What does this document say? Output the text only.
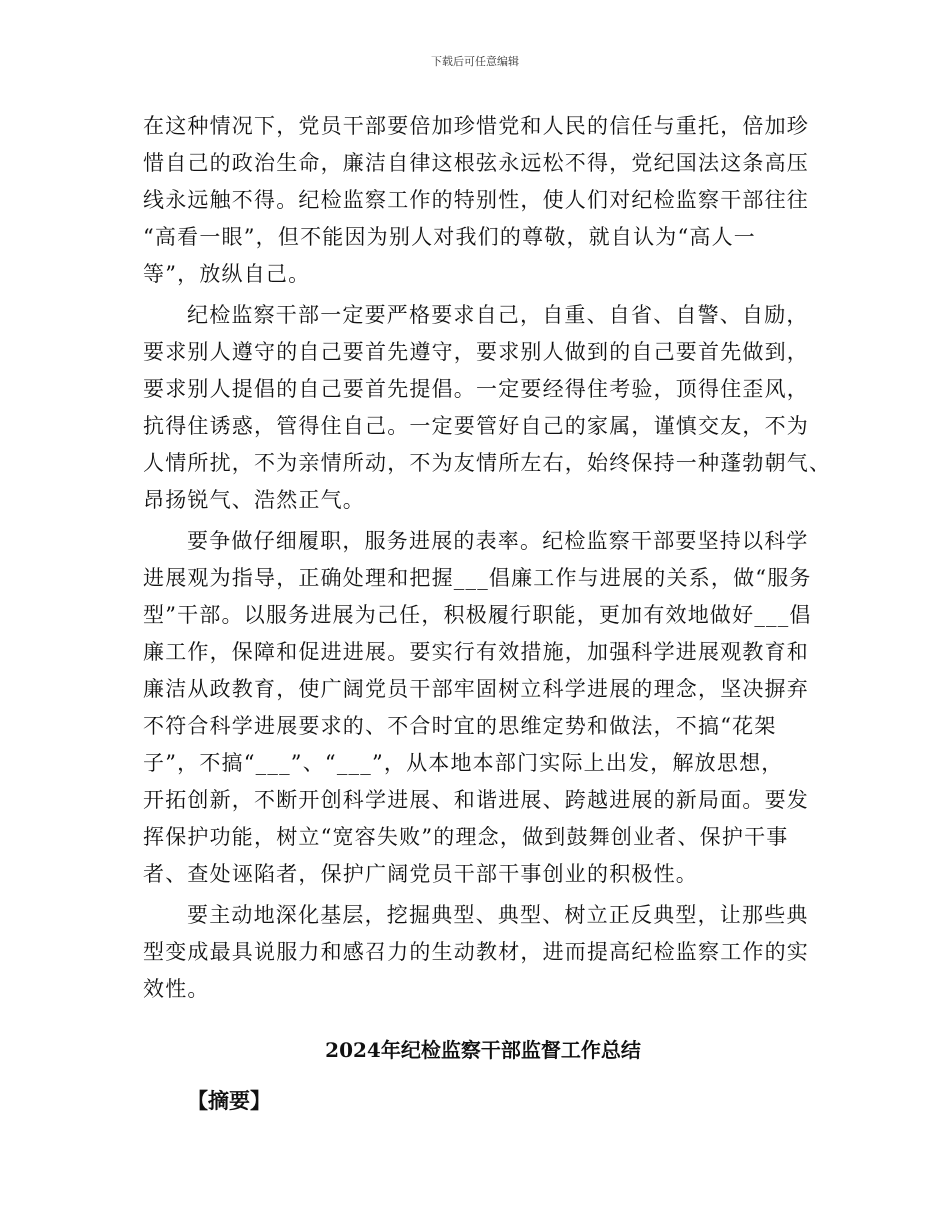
下载后可任意编辑
在这种情况下，党员干部要倍加珍惜党和人民的信任与重托，倍加珍
惜自己的政治生命，廉洁自律这根弦永远松不得，党纪国法这条高压
线永远触不得。纪检监察工作的特别性，使人们对纪检监察干部往往
“高看一眼”，但不能因为别人对我们的尊敬，就自认为“高人一
等”，放纵自己。
纪检监察干部一定要严格要求自己，自重、自省、自警、自励，
要求别人遵守的自己要首先遵守，要求别人做到的自己要首先做到，
要求别人提倡的自己要首先提倡。一定要经得住考验，顶得住歪风，
抗得住诱惑，管得住自己。一定要管好自己的家属，谨慎交友，不为
人情所扰，不为亲情所动，不为友情所左右，始终保持一种蓬勃朝气、
昂扬锐气、浩然正气。
要争做仔细履职，服务进展的表率。纪检监察干部要坚持以科学
进展观为指导，正确处理和把握___倡廉工作与进展的关系，做“服务
型”干部。以服务进展为己任，积极履行职能，更加有效地做好___倡
廉工作，保障和促进进展。要实行有效措施，加强科学进展观教育和
廉洁从政教育，使广阔党员干部牢固树立科学进展的理念，坚决摒弃
不符合科学进展要求的、不合时宜的思维定势和做法，不搞“花架
子”，不搞“___”、“___”，从本地本部门实际上出发，解放思想，
开拓创新，不断开创科学进展、和谐进展、跨越进展的新局面。要发
挥保护功能，树立“宽容失败”的理念，做到鼓舞创业者、保护干事
者、查处诬陷者，保护广阔党员干部干事创业的积极性。
要主动地深化基层，挖掘典型、典型、树立正反典型，让那些典
型变成最具说服力和感召力的生动教材，进而提高纪检监察工作的实
效性。
2024年纪检监察干部监督工作总结
【摘要】
